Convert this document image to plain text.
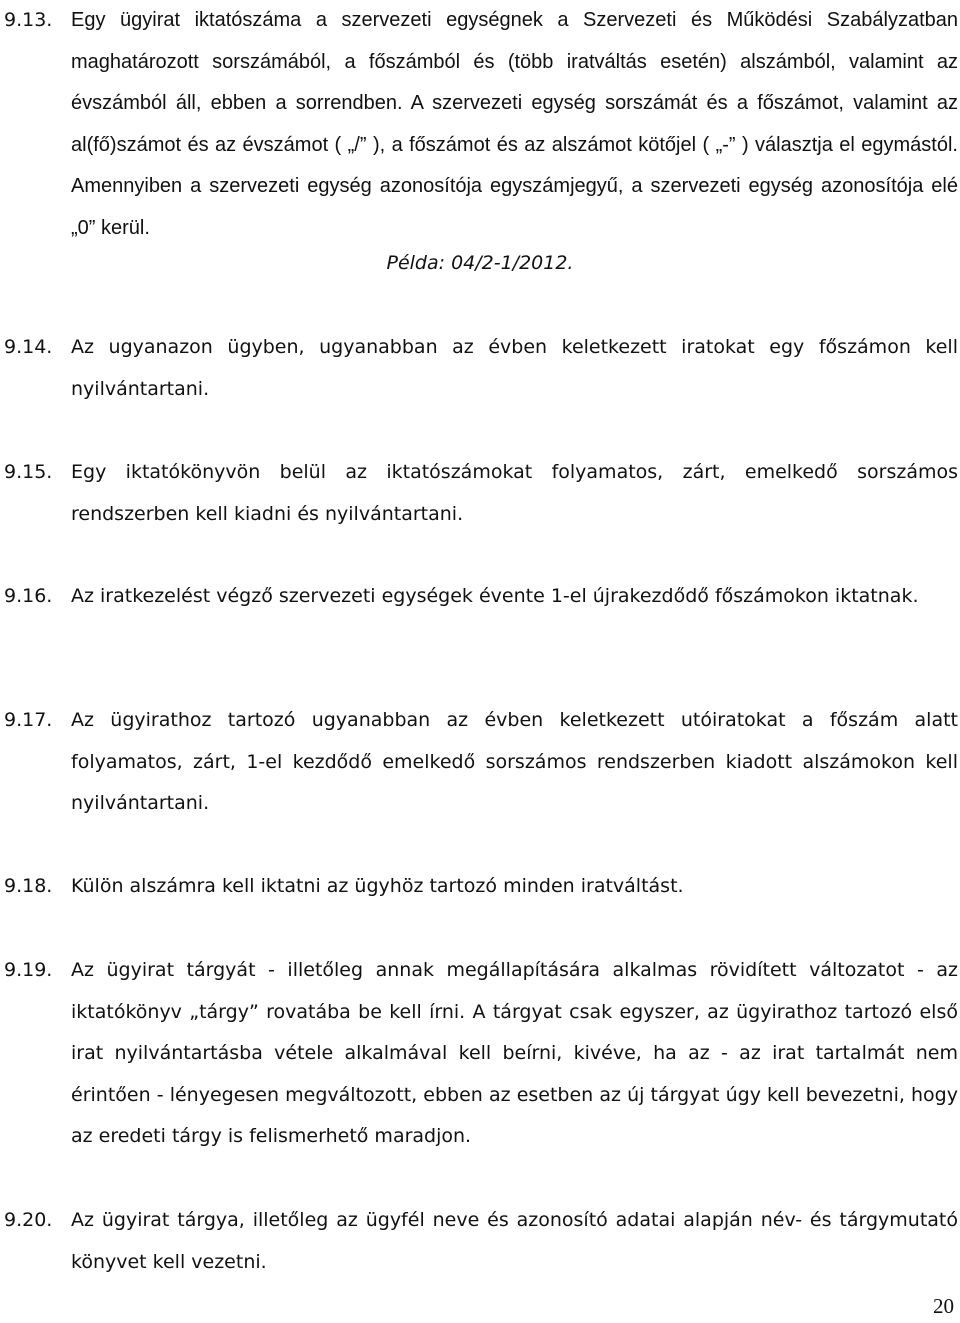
9.13. Egy ügyirat iktatószáma a szervezeti egységnek a Szervezeti és Működési Szabályzatban maghatározott sorszámából, a főszámból és (több iratváltás esetén) alszámból, valamint az évszámból áll, ebben a sorrendben. A szervezeti egység sorszámát és a főszámot, valamint az al(fő)számot és az évszámot ( „/” ), a főszámot és az alszámot kötőjel ( „-” ) választja el egymástól. Amennyiben a szervezeti egység azonosítója egyszámjegyű, a szervezeti egység azonosítója elé „0” kerül.
Példa: 04/2-1/2012.
9.14. Az ugyanazon ügyben, ugyanabban az évben keletkezett iratokat egy főszámon kell nyilvántartani.
9.15. Egy iktatókönyvön belül az iktatószámokat folyamatos, zárt, emelkedő sorszámos rendszerben kell kiadni és nyilvántartani.
9.16. Az iratkezelést végző szervezeti egységek évente 1-el újrakezdődő főszámokon iktatnak.
9.17. Az ügyirathoz tartozó ugyanabban az évben keletkezett utóiratokat a főszám alatt folyamatos, zárt, 1-el kezdődő emelkedő sorszámos rendszerben kiadott alszámokon kell nyilvántartani.
9.18. Külön alszámra kell iktatni az ügyhöz tartozó minden iratváltást.
9.19. Az ügyirat tárgyát - illetőleg annak megállapítására alkalmas rövidített változatot - az iktatókönyv „tárgy” rovatába be kell írni. A tárgyat csak egyszer, az ügyirathoz tartozó első irat nyilvántartásba vétele alkalmával kell beírni, kivéve, ha az - az irat tartalmát nem érintően - lényegesen megváltozott, ebben az esetben az új tárgyat úgy kell bevezetni, hogy az eredeti tárgy is felismerhető maradjon.
9.20. Az ügyirat tárgya, illetőleg az ügyfél neve és azonosító adatai alapján név- és tárgymutató könyvet kell vezetni.
20
